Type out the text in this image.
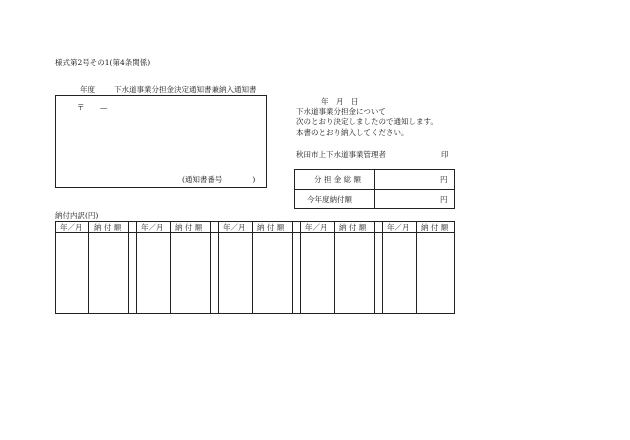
様式第2号その1(第4条関係)
年度	下水道事業分担金決定通知書兼納入通知書
〒 —
(通知書番号　　　　)
年　月　日
下水道事業分担金について
次のとおり決定しましたので通知します。
本書のとおり納入してください。
秋田市上下水道事業管理者	印
分 担 金 総 額	円
今年度納付額	円
納付内訳(円)
年／月 納 付 額	年／月 納 付 額	年／月 納 付 額	年／月 納 付 額	年／月 納 付 額
